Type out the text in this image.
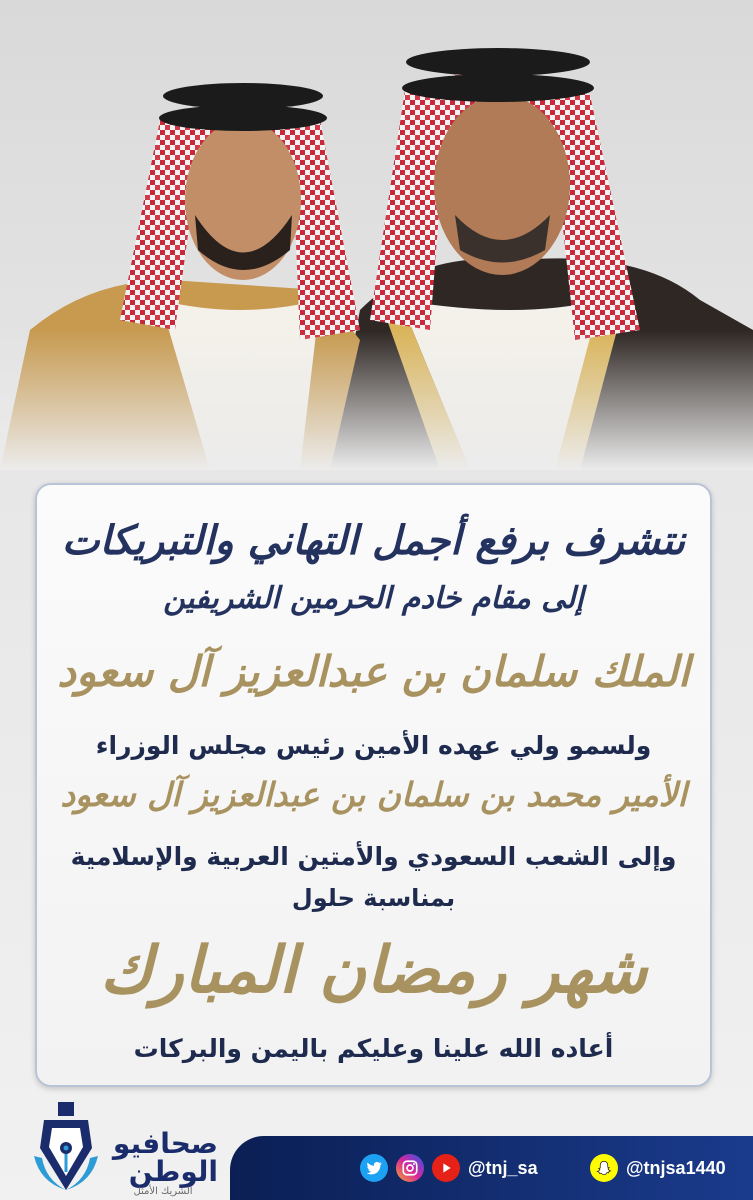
نتشرف برفع أجمل التهاني والتبريكات
إلى مقام خادم الحرمين الشريفين
الملك سلمان بن عبدالعزيز آل سعود
ولسمو ولي عهده الأمين رئيس مجلس الوزراء
الأمير محمد بن سلمان بن عبدالعزيز آل سعود
وإلى الشعب السعودي والأمتين العربية والإسلامية
بمناسبة حلول
شهر رمضان المبارك
أعاده الله علينا وعليكم باليمن والبركات
صحافيو
الوطن
الشريك الأمثل
@tnj_sa	@tnjsa1440
